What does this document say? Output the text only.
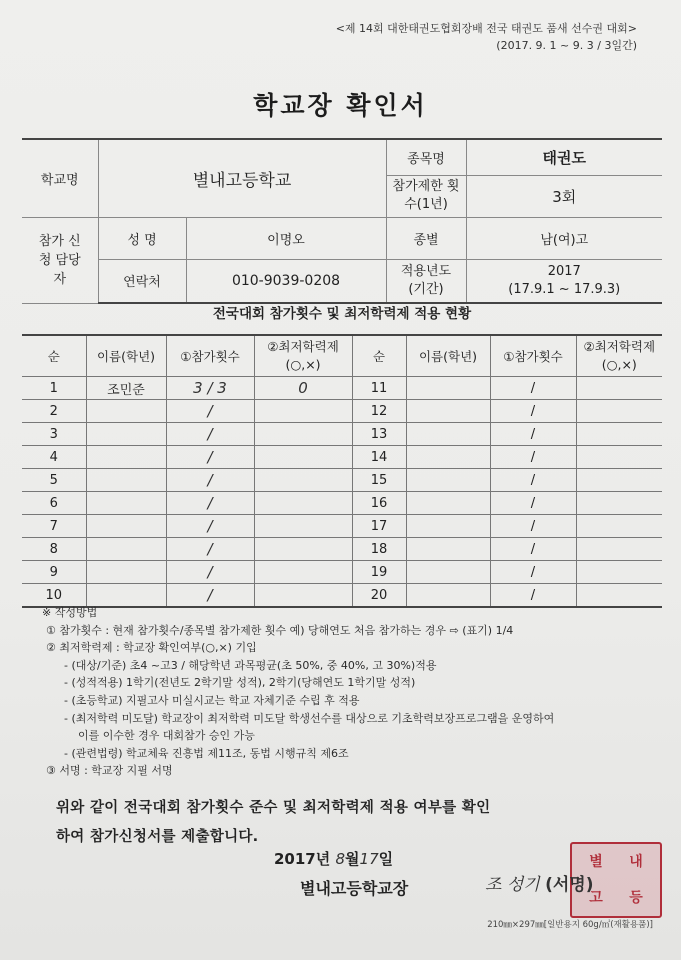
<제 14회 대한태권도협회장배 전국 태권도 품새 선수권 대회>
(2017. 9. 1 ~ 9. 3 / 3일간)
학교장 확인서
학교명	별내고등학교		종목명	태권도
			참가제한 횟수(1년)	3회
참가 신청 담당자	성 명	이명오	종별	남(여)고
	연락처	010-9039-0208	적용년도 (기간)	2017
(17.9.1 ~ 17.9.3)
전국대회 참가횟수 및 최저학력제 적용 현황
순	이름(학년)	①참가횟수	②최저학력제 (○,×)	순	이름(학년)	①참가횟수	②최저학력제 (○,×)
1	조민준	3 / 3	0	11		/	
2		/		12		/	
3		/		13		/	
4		/		14		/	
5		/		15		/	
6		/		16		/	
7		/		17		/	
8		/		18		/	
9		/		19		/	
10		/		20		/	
※ 작성방법
① 참가횟수 : 현재 참가횟수/종목별 참가제한 횟수 예) 당해연도 처음 참가하는 경우 ⇨ (표기) 1/4
② 최저학력제 : 학교장 확인여부(○,×) 기입
- (대상/기준) 초4 ~고3 / 해당학년 과목평균(초 50%, 중 40%, 고 30%)적용
- (성적적용) 1학기(전년도 2학기말 성적), 2학기(당해연도 1학기말 성적)
- (초등학교) 지필고사 미실시교는 학교 자체기준 수립 후 적용
- (최저학력 미도달) 학교장이 최저학력 미도달 학생선수를 대상으로 기초학력보장프로그램을 운영하여
이를 이수한 경우 대회참가 승인 가능
- (관련법령) 학교체육 진흥법 제11조, 동법 시행규칙 제6조
③ 서명 : 학교장 지필 서명
위와 같이 전국대회 참가횟수 준수 및 최저학력제 적용 여부를 확인
하여 참가신청서를 제출합니다.
2017년 8월17일
별내고등학교장
별	내
고	등
조 성기 (서명)
210㎜×297㎜[일반용지 60g/㎡(재활용품)]
